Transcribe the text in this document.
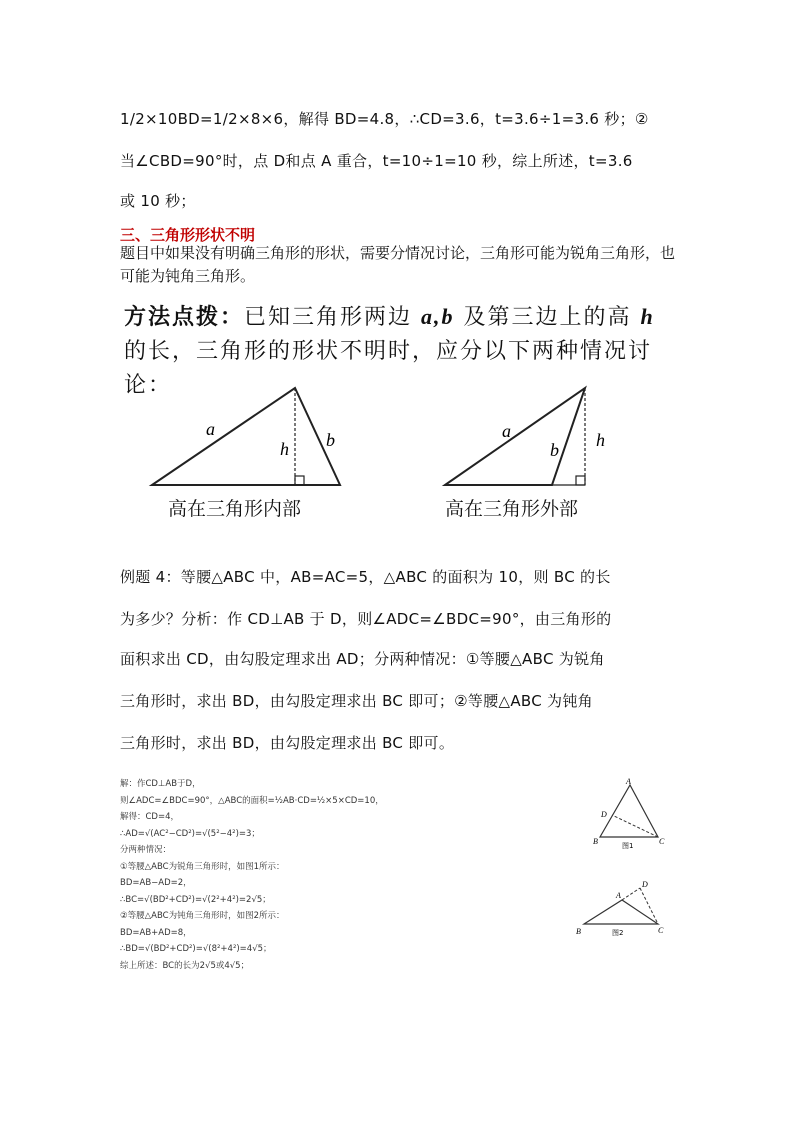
1/2×10BD=1/2×8×6，解得 BD=4.8，∴CD=3.6，t=3.6÷1=3.6 秒；②
当∠CBD=90°时，点 D和点 A 重合，t=10÷1=10 秒，综上所述，t=3.6
或 10 秒；
三、三角形形状不明
题目中如果没有明确三角形的形状，需要分情况讨论，三角形可能为锐角三角形，也可能为钝角三角形。
方法点拨：已知三角形两边 a,b 及第三边上的高 h 的长，三角形的形状不明时，应分以下两种情况讨论：
a
h b	a
b h
高在三角形内部	高在三角形外部
例题 4：等腰△ABC 中，AB=AC=5，△ABC 的面积为 10，则 BC 的长
为多少？分析：作 CD⊥AB 于 D，则∠ADC=∠BDC=90°，由三角形的
面积求出 CD，由勾股定理求出 AD；分两种情况：①等腰△ABC 为锐角
三角形时，求出 BD，由勾股定理求出 BC 即可；②等腰△ABC 为钝角
三角形时，求出 BD，由勾股定理求出 BC 即可。
解：作CD⊥AB于D，
则∠ADC=∠BDC=90°，△ABC的面积=½AB·CD=½×5×CD=10，
解得：CD=4，
∴AD=√(AC²−CD²)=√(5²−4²)=3；
分两种情况：
①等腰△ABC为锐角三角形时，如图1所示：
BD=AB−AD=2，
∴BC=√(BD²+CD²)=√(2²+4²)=2√5；
②等腰△ABC为钝角三角形时，如图2所示：
BD=AB+AD=8，
∴BD=√(BD²+CD²)=√(8²+4²)=4√5；
综上所述：BC的长为2√5或4√5；
A
D
B	C
图1
A
D
B	C
图2
